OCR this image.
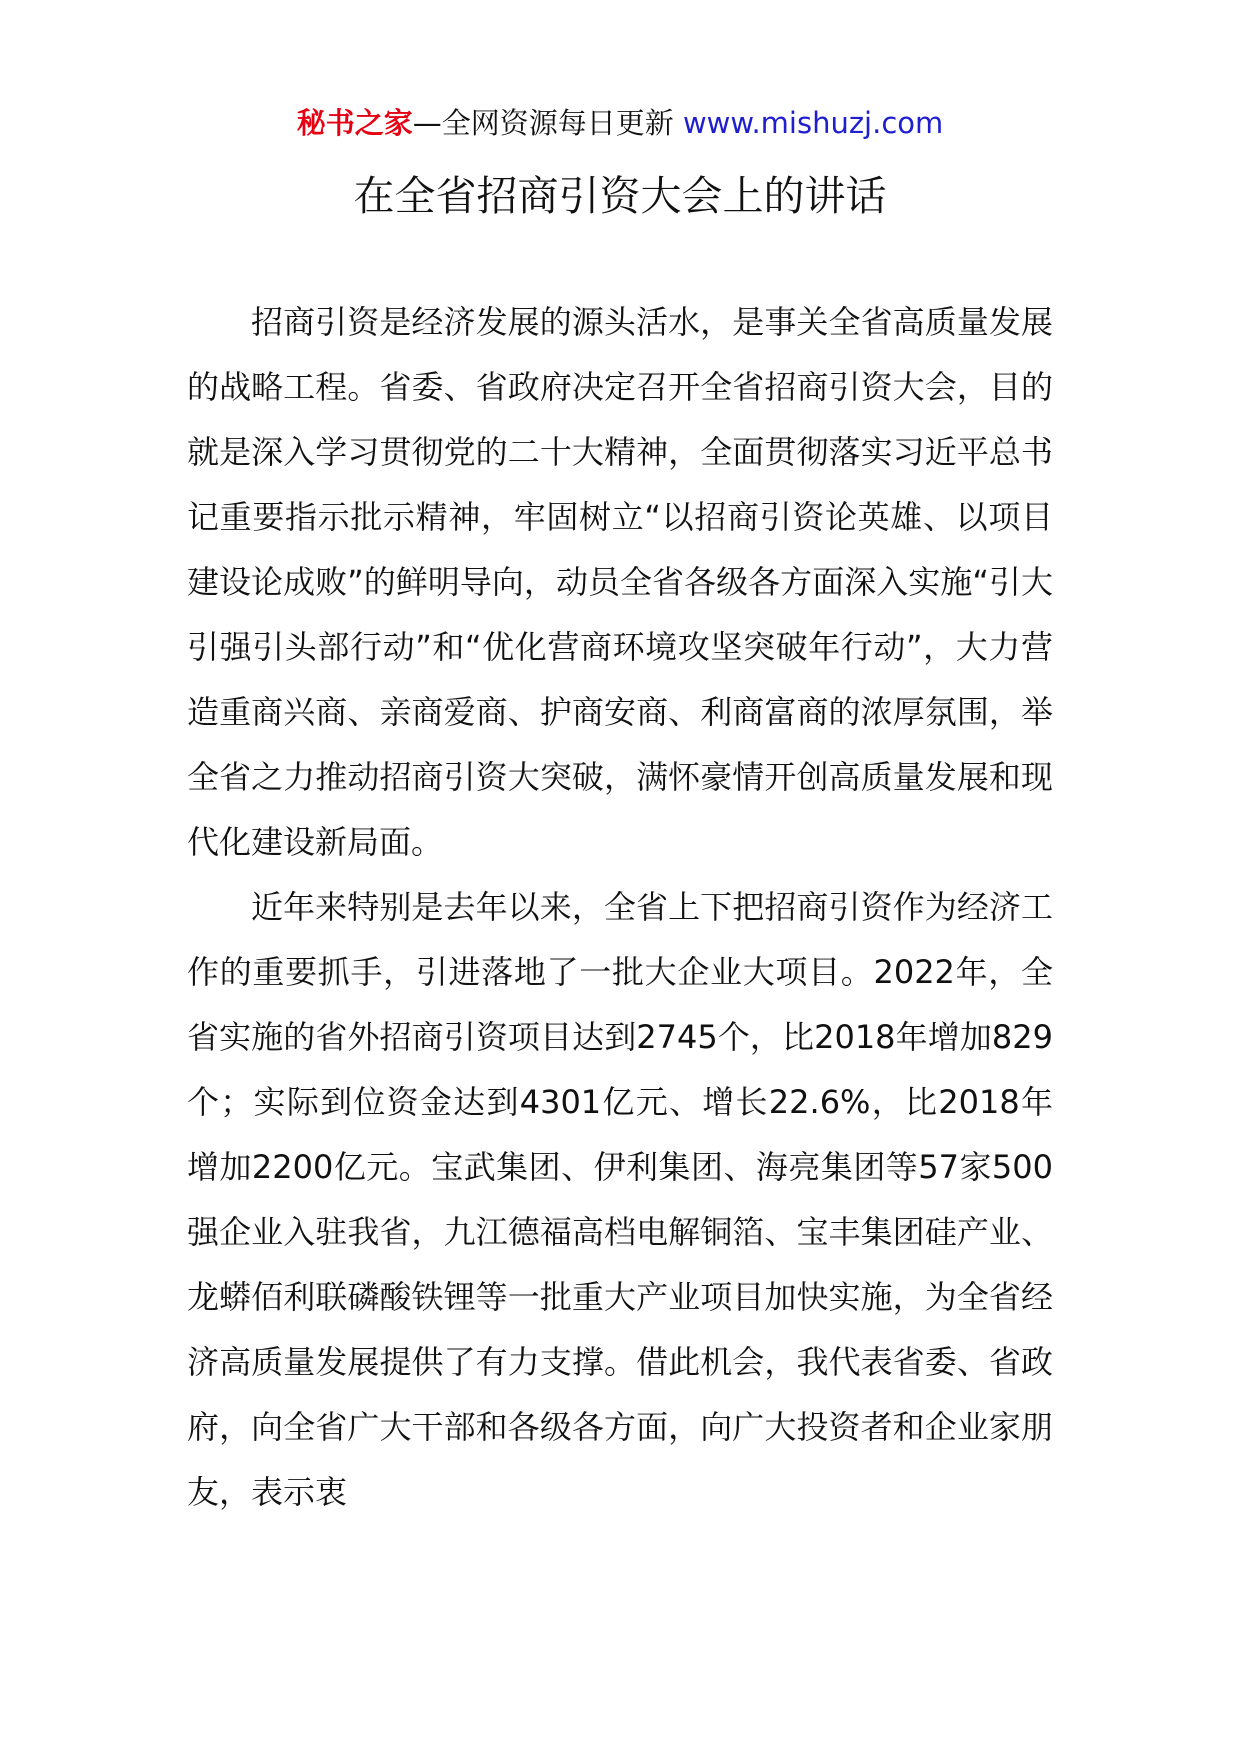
秘书之家—全网资源每日更新 www.mishuzj.com
在全省招商引资大会上的讲话

招商引资是经济发展的源头活水，是事关全省高质量发展的战略工程。省委、省政府决定召开全省招商引资大会，目的就是深入学习贯彻党的二十大精神，全面贯彻落实习近平总书记重要指示批示精神，牢固树立“以招商引资论英雄、以项目建设论成败”的鲜明导向，动员全省各级各方面深入实施“引大引强引头部行动”和“优化营商环境攻坚突破年行动”，大力营造重商兴商、亲商爱商、护商安商、利商富商的浓厚氛围，举全省之力推动招商引资大突破，满怀豪情开创高质量发展和现代化建设新局面。

近年来特别是去年以来，全省上下把招商引资作为经济工作的重要抓手，引进落地了一批大企业大项目。2022年，全省实施的省外招商引资项目达到2745个，比2018年增加829个；实际到位资金达到4301亿元、增长22.6%，比2018年增加2200亿元。宝武集团、伊利集团、海亮集团等57家500强企业入驻我省，九江德福高档电解铜箔、宝丰集团硅产业、龙蟒佰利联磷酸铁锂等一批重大产业项目加快实施，为全省经济高质量发展提供了有力支撑。借此机会，我代表省委、省政府，向全省广大干部和各级各方面，向广大投资者和企业家朋友，表示衷
